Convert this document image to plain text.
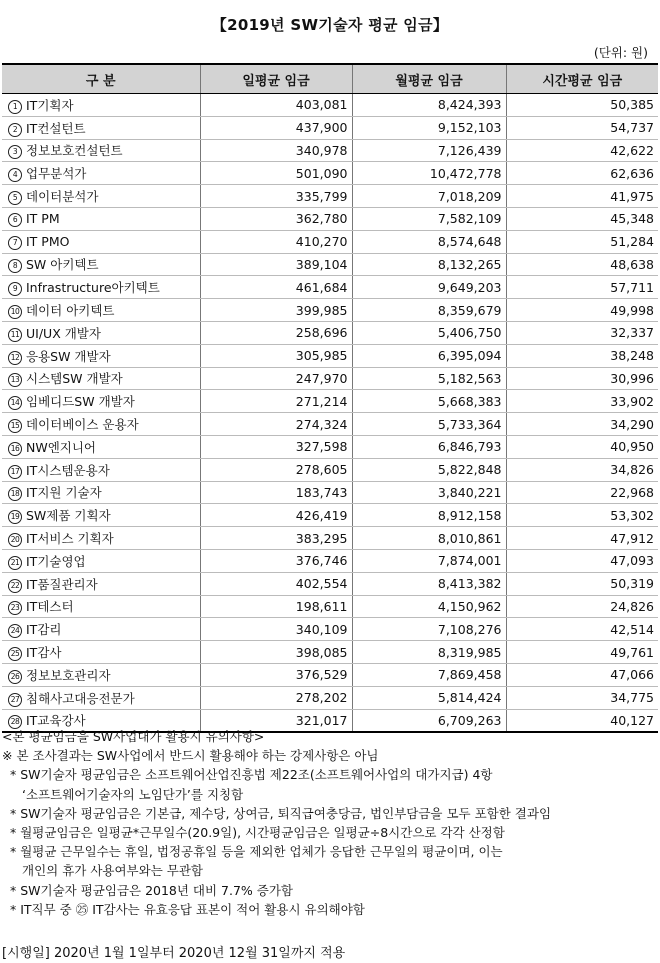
【2019년 SW기술자 평균 임금】
(단위: 원)
구 분	일평균 임금	월평균 임금	시간평균 임금
1 IT기획자	403,081	8,424,393	50,385
2 IT컨설턴트	437,900	9,152,103	54,737
3 정보보호컨설턴트	340,978	7,126,439	42,622
4 업무분석가	501,090	10,472,778	62,636
5 데이터분석가	335,799	7,018,209	41,975
6 IT PM	362,780	7,582,109	45,348
7 IT PMO	410,270	8,574,648	51,284
8 SW 아키텍트	389,104	8,132,265	48,638
9 Infrastructure아키텍트	461,684	9,649,203	57,711
10 데이터 아키텍트	399,985	8,359,679	49,998
11 UI/UX 개발자	258,696	5,406,750	32,337
12 응용SW 개발자	305,985	6,395,094	38,248
13 시스템SW 개발자	247,970	5,182,563	30,996
14 임베디드SW 개발자	271,214	5,668,383	33,902
15 데이터베이스 운용자	274,324	5,733,364	34,290
16 NW엔지니어	327,598	6,846,793	40,950
17 IT시스템운용자	278,605	5,822,848	34,826
18 IT지원 기술자	183,743	3,840,221	22,968
19 SW제품 기획자	426,419	8,912,158	53,302
20 IT서비스 기획자	383,295	8,010,861	47,912
21 IT기술영업	376,746	7,874,001	47,093
22 IT품질관리자	402,554	8,413,382	50,319
23 IT테스터	198,611	4,150,962	24,826
24 IT감리	340,109	7,108,276	42,514
25 IT감사	398,085	8,319,985	49,761
26 정보보호관리자	376,529	7,869,458	47,066
27 침해사고대응전문가	278,202	5,814,424	34,775
28 IT교육강사	321,017	6,709,263	40,127
<본 평균임금을 SW사업대가 활용시 유의사항>
※ 본 조사결과는 SW사업에서 반드시 활용해야 하는 강제사항은 아님
* SW기술자 평균임금은 소프트웨어산업진흥법 제22조(소프트웨어사업의 대가지급) 4항
‘소프트웨어기술자의 노임단가’를 지칭함
* SW기술자 평균임금은 기본급, 제수당, 상여금, 퇴직급여충당금, 법인부담금을 모두 포함한 결과임
* 월평균임금은 일평균*근무일수(20.9일), 시간평균임금은 일평균÷8시간으로 각각 산정함
* 월평균 근무일수는 휴일, 법정공휴일 등을 제외한 업체가 응답한 근무일의 평균이며, 이는
개인의 휴가 사용여부와는 무관함
* SW기술자 평균임금은 2018년 대비 7.7% 증가함
* IT직무 중 ㉕ IT감사는 유효응답 표본이 적어 활용시 유의해야함
[시행일] 2020년 1월 1일부터 2020년 12월 31일까지 적용
